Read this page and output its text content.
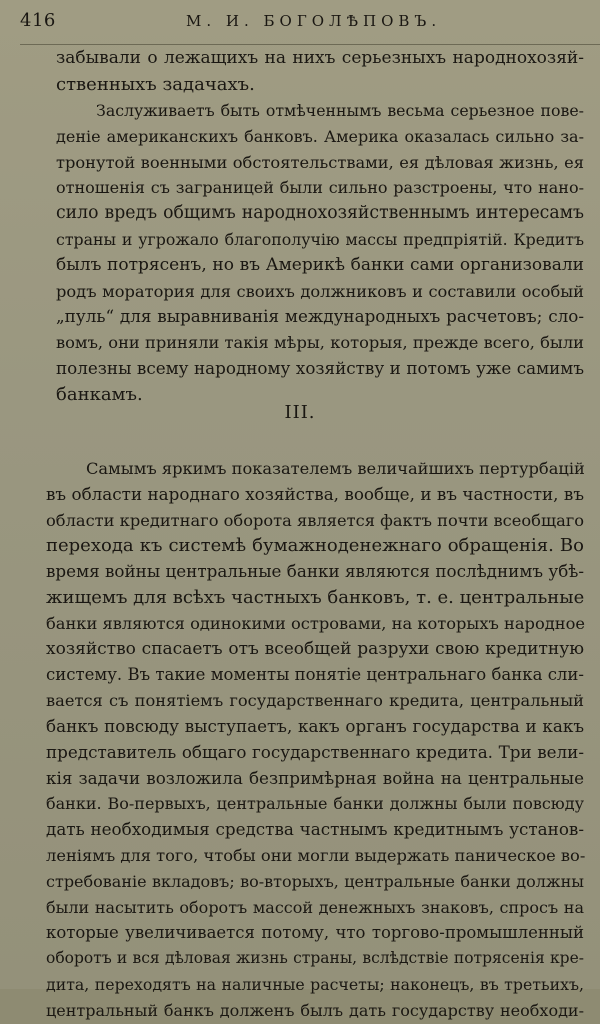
416	М. И. БОГОЛѢПОВЪ.
забывали о лежащихъ на нихъ серьезныхъ народнохозяй-
ственныхъ задачахъ.
Заслуживаетъ быть отмѣченнымъ весьма серьезное пове-
деніе американскихъ банковъ. Америка оказалась сильно за-
тронутой военными обстоятельствами, ея дѣловая жизнь, ея
отношенія съ заграницей были сильно разстроены, что нано-
сило вредъ общимъ народнохозяйственнымъ интересамъ
страны и угрожало благополучію массы предпріятій. Кредитъ
былъ потрясенъ, но въ Америкѣ банки сами организовали
родъ моратория для своихъ должниковъ и составили особый
„пуль“ для выравниванія международныхъ расчетовъ; сло-
вомъ, они приняли такія мѣры, которыя, прежде всего, были
полезны всему народному хозяйству и потомъ уже самимъ
банкамъ.
III.
Самымъ яркимъ показателемъ величайшихъ пертурбацій
въ области народнаго хозяйства, вообще, и въ частности, въ
области кредитнаго оборота является фактъ почти всеобщаго
перехода къ системѣ бумажноденежнаго обращенія. Во
время войны центральные банки являются послѣднимъ убѣ-
жищемъ для всѣхъ частныхъ банковъ, т. е. центральные
банки являются одинокими островами, на которыхъ народное
хозяйство спасаетъ отъ всеобщей разрухи свою кредитную
систему. Въ такие моменты понятіе центральнаго банка сли-
вается съ понятіемъ государственнаго кредита, центральный
банкъ повсюду выступаетъ, какъ органъ государства и какъ
представитель общаго государственнаго кредита. Три вели-
кія задачи возложила безпримѣрная война на центральные
банки. Во-первыхъ, центральные банки должны были повсюду
дать необходимыя средства частнымъ кредитнымъ установ-
леніямъ для того, чтобы они могли выдержать паническое во-
стребованіе вкладовъ; во-вторыхъ, центральные банки должны
были насытить оборотъ массой денежныхъ знаковъ, спросъ на
которые увеличивается потому, что торгово-промышленный
оборотъ и вся дѣловая жизнь страны, вслѣдствіе потрясенія кре-
дита, переходятъ на наличные расчеты; наконецъ, въ третьихъ,
центральный банкъ долженъ былъ дать государству необходи-
